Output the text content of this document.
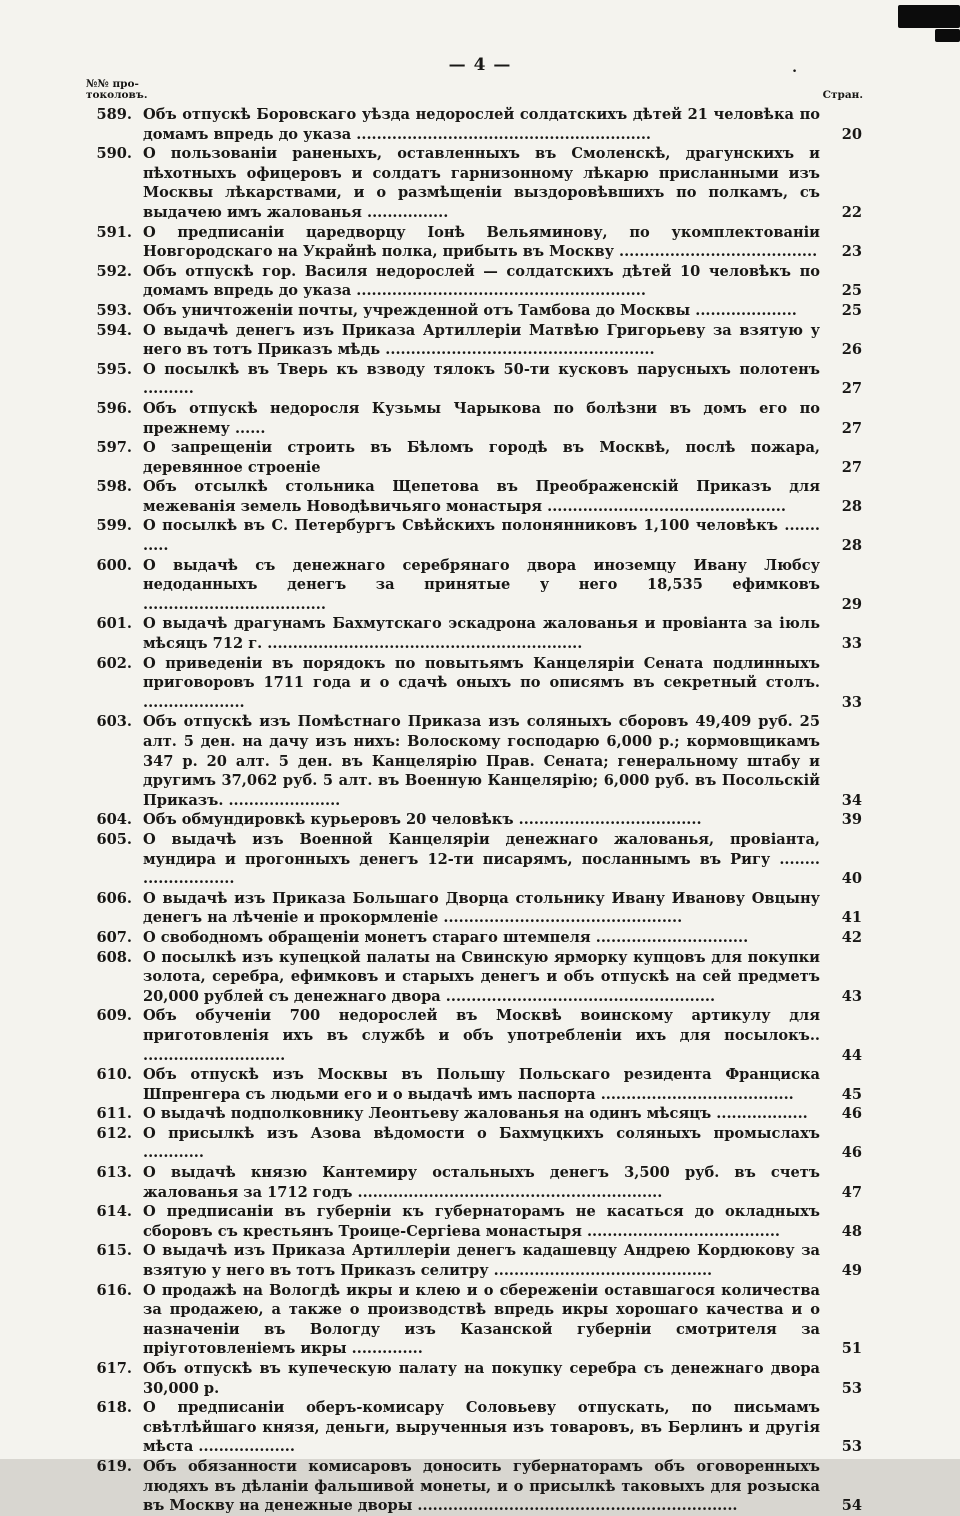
— 4 —	.
№№ про-
токоловъ.	Стран.
589. Объ отпускѣ Боровскаго уѣзда недорослей солдатскихъ дѣтей 21 человѣка по домамъ впредь до указа ..........................................................	20
590. О пользованіи раненыхъ, оставленныхъ въ Смоленскѣ, драгунскихъ и пѣхотныхъ офицеровъ и солдатъ гарнизонному лѣкарю присланными изъ Москвы лѣкарствами, и о размѣщеніи выздоровѣвшихъ по полкамъ, съ выдачею имъ жалованья ................	22
591. О предписаніи царедворцу Іонѣ Вельяминову, по укомплектованіи Новгородскаго на Украйнѣ полка, прибыть въ Москву .......................................	23
592. Объ отпускѣ гор. Василя недорослей — солдатскихъ дѣтей 10 человѣкъ по домамъ впредь до указа .........................................................	25
593. Объ уничтоженіи почты, учрежденной отъ Тамбова до Москвы ....................	25
594. О выдачѣ денегъ изъ Приказа Артиллеріи Матвѣю Григорьеву за взятую у него въ тотъ Приказъ мѣдь .....................................................	26
595. О посылкѣ въ Тверь къ взводу тялокъ 50-ти кусковъ парусныхъ полотенъ ..........	27
596. Объ отпускѣ недоросля Кузьмы Чарыкова по болѣзни въ домъ его по прежнему ......	27
597. О запрещеніи строить въ Бѣломъ городѣ въ Москвѣ, послѣ пожара, деревянное строеніе	27
598. Объ отсылкѣ стольника Щепетова въ Преображенскій Приказъ для межеванія земель Новодѣвичьяго монастыря ...............................................	28
599. О посылкѣ въ С. Петербургъ Свѣйскихъ полонянниковъ 1,100 человѣкъ ....... .....	28
600. О выдачѣ съ денежнаго серебрянаго двора иноземцу Ивану Любсу недоданныхъ денегъ за принятые у него 18,535 ефимковъ ....................................	29
601. О выдачѣ драгунамъ Бахмутскаго эскадрона жалованья и провіанта за іюль мѣсяцъ 712 г. ..............................................................	33
602. О приведеніи въ порядокъ по повытьямъ Канцеляріи Сената подлинныхъ приговоровъ 1711 года и о сдачѣ оныхъ по описямъ въ секретный столъ. ....................	33
603. Объ отпускѣ изъ Помѣстнаго Приказа изъ соляныхъ сборовъ 49,409 руб. 25 алт. 5 ден. на дачу изъ нихъ: Волоскому господарю 6,000 р.; кормовщикамъ 347 р. 20 алт. 5 ден. въ Канцелярію Прав. Сената; генеральному штабу и другимъ 37,062 руб. 5 алт. въ Военную Канцелярію; 6,000 руб. въ Посольскій Приказъ. ......................	34
604. Объ обмундировкѣ курьеровъ 20 человѣкъ ....................................	39
605. О выдачѣ изъ Военной Канцеляріи денежнаго жалованья, провіанта, мундира и прогонныхъ денегъ 12-ти писарямъ, посланнымъ въ Ригу ........ ..................	40
606. О выдачѣ изъ Приказа Большаго Дворца стольнику Ивану Иванову Овцыну денегъ на лѣченіе и прокормленіе ...............................................	41
607. О свободномъ обращеніи монетъ стараго штемпеля ..............................	42
608. О посылкѣ изъ купецкой палаты на Свинскую ярморку купцовъ для покупки золота, серебра, ефимковъ и старыхъ денегъ и объ отпускѣ на сей предметъ 20,000 рублей съ денежнаго двора .....................................................	43
609. Объ обученіи 700 недорослей въ Москвѣ воинскому артикулу для приготовленія ихъ въ службѣ и объ употребленіи ихъ для посылокъ.. ............................	44
610. Объ отпускѣ изъ Москвы въ Польшу Польскаго резидента Франциска Шпренгера съ людьми его и о выдачѣ имъ паспорта ......................................	45
611. О выдачѣ подполковнику Леонтьеву жалованья на одинъ мѣсяцъ ..................	46
612. О присылкѣ изъ Азова вѣдомости о Бахмуцкихъ соляныхъ промыслахъ ............	46
613. О выдачѣ князю Кантемиру остальныхъ денегъ 3,500 руб. въ счетъ жалованья за 1712 годъ ............................................................	47
614. О предписаніи въ губерніи къ губернаторамъ не касаться до окладныхъ сборовъ съ крестьянъ Троице-Сергіева монастыря ......................................	48
615. О выдачѣ изъ Приказа Артиллеріи денегъ кадашевцу Андрею Кордюкову за взятую у него въ тотъ Приказъ селитру ...........................................	49
616. О продажѣ на Вологдѣ икры и клею и о сбереженіи оставшагося количества за продажею, а также о производствѣ впредь икры хорошаго качества и о назначеніи въ Вологду изъ Казанской губерніи смотрителя за пріуготовленіемъ икры ..............	51
617. Объ отпускѣ въ купеческую палату на покупку серебра съ денежнаго двора 30,000 р.	53
618. О предписаніи оберъ-комисару Соловьеву отпускать, по письмамъ свѣтлѣйшаго князя, деньги, вырученныя изъ товаровъ, въ Берлинъ и другія мѣста ...................	53
619. Объ обязанности комисаровъ доносить губернаторамъ объ оговоренныхъ людяхъ въ дѣланіи фальшивой монеты, и о присылкѣ таковыхъ для розыска въ Москву на денежные дворы ...............................................................	54
